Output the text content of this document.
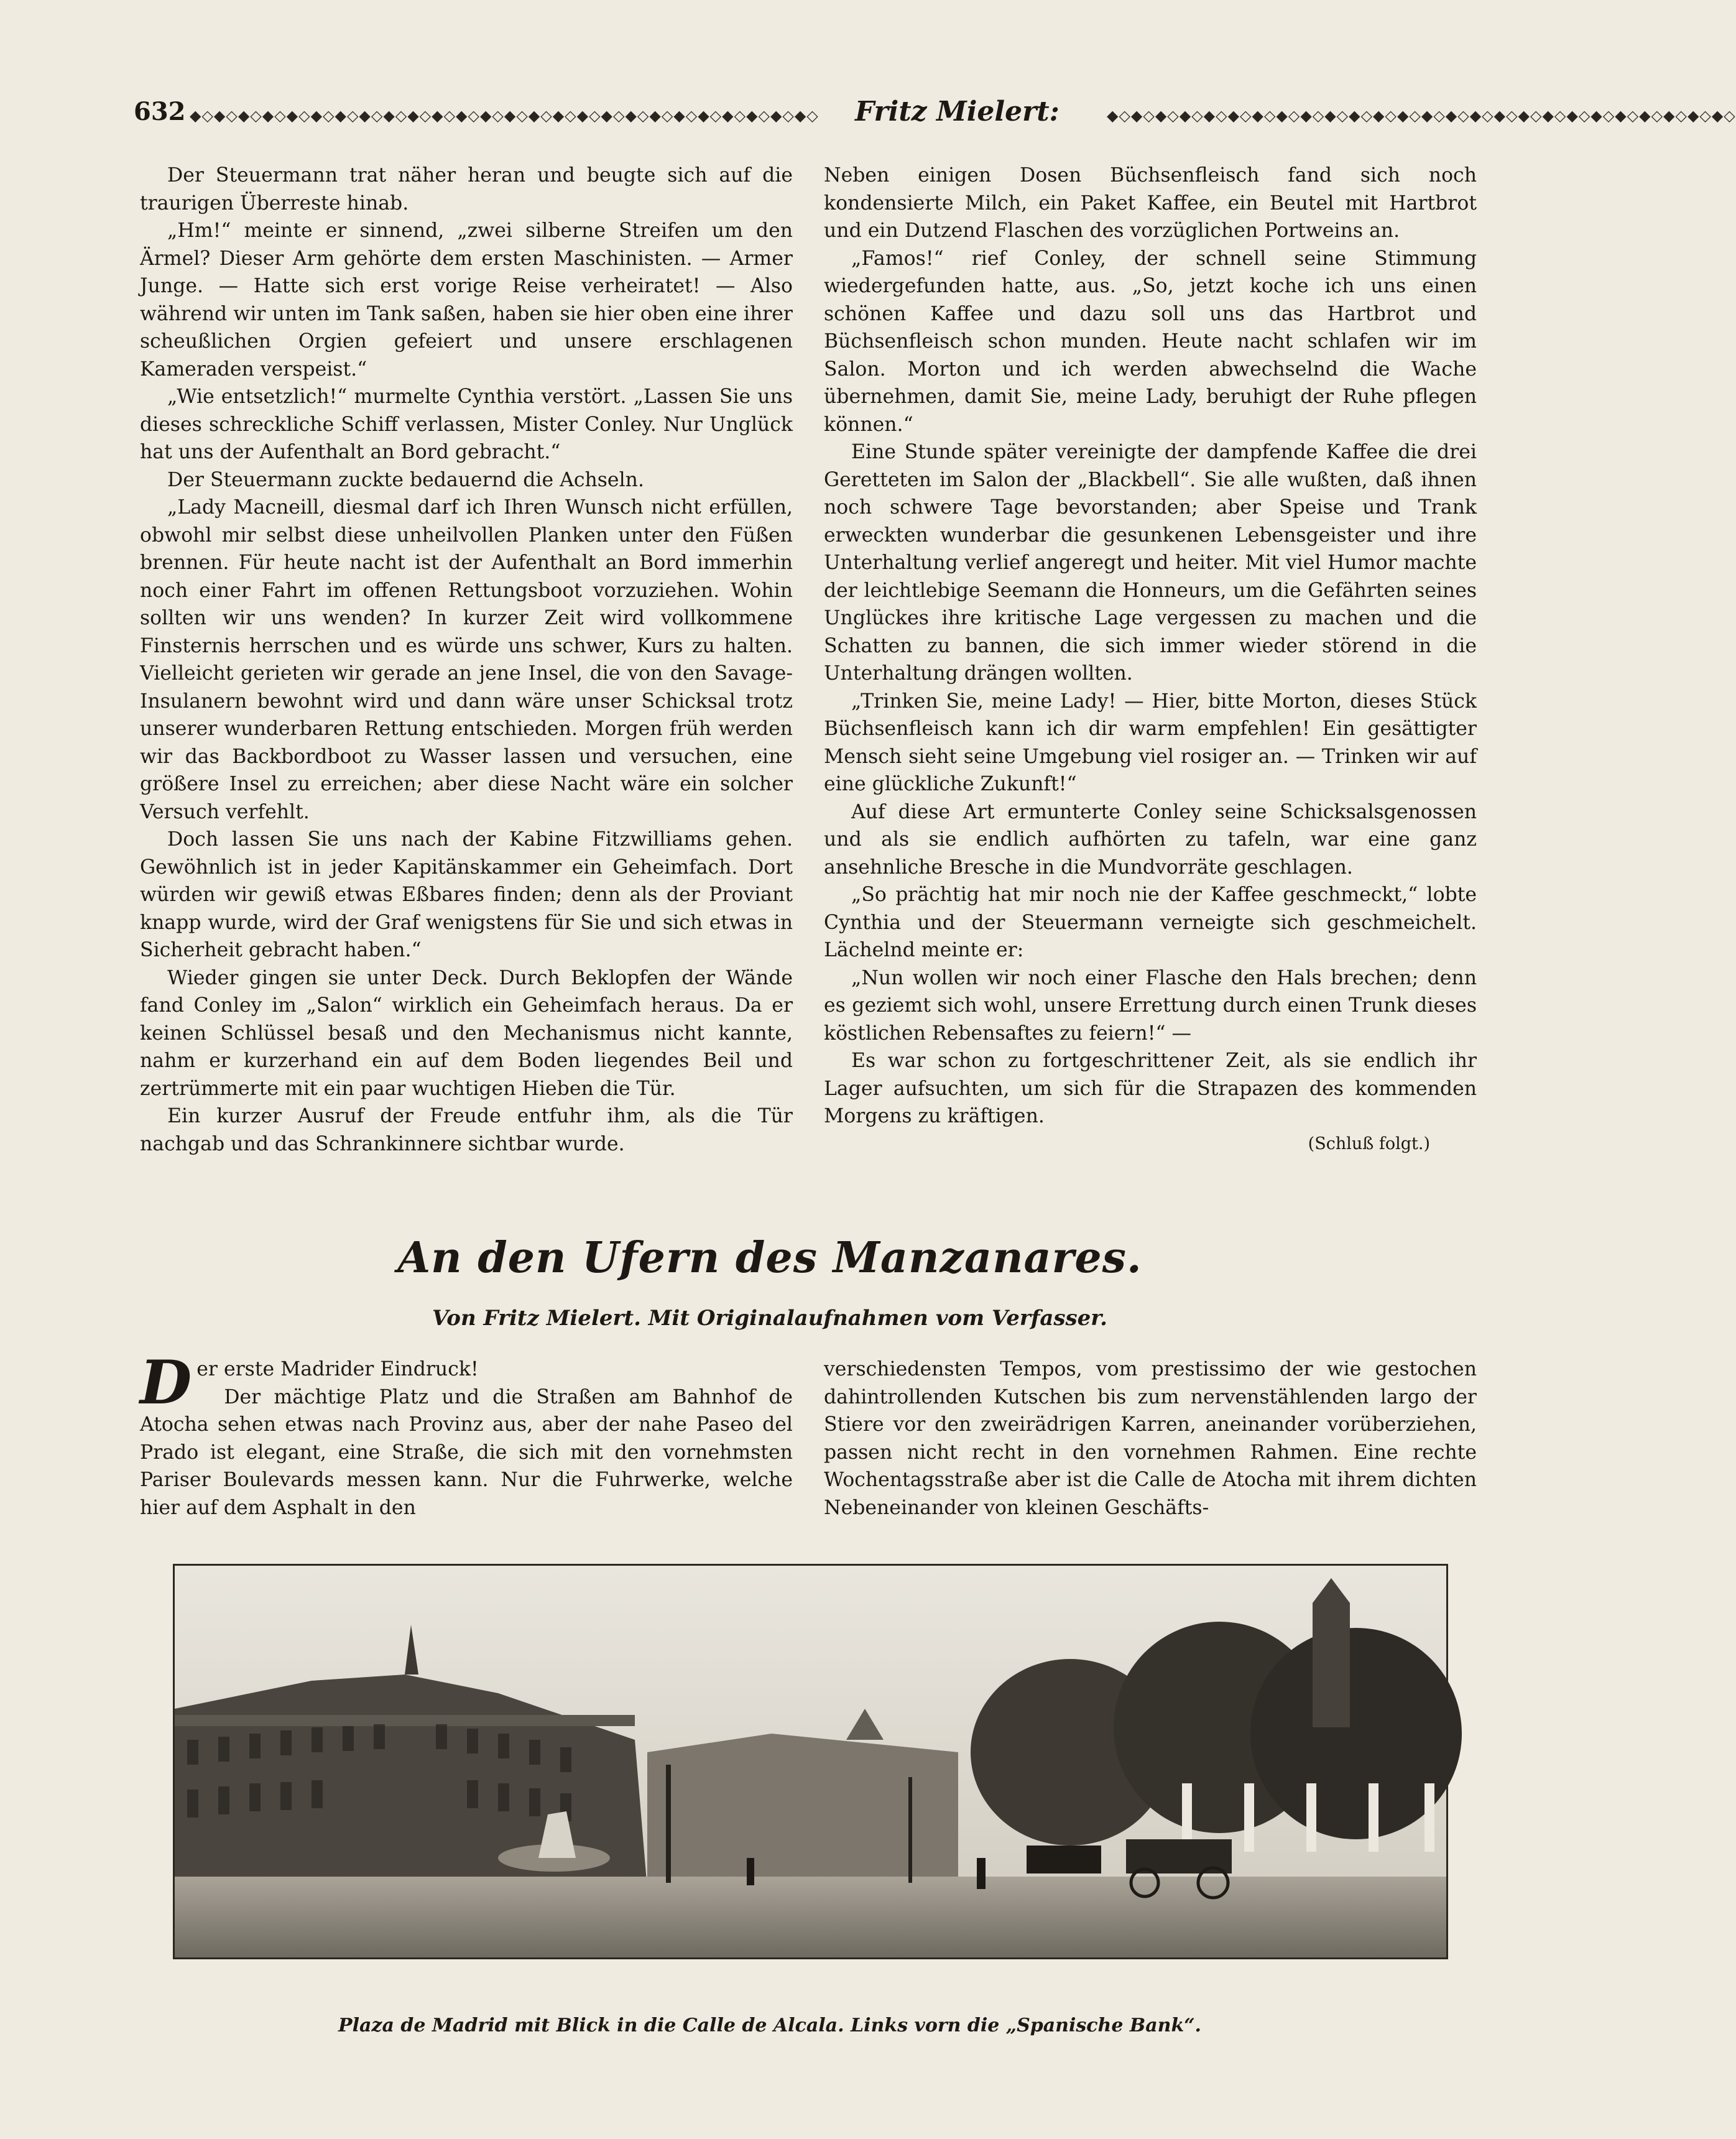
632 ◆◇◆◇◆◇◆◇◆◇◆◇◆◇◆◇◆◇◆◇◆◇◆◇◆◇◆◇◆◇◆◇◆◇◆◇◆◇◆◇◆◇◆◇◆◇◆◇◆◇◆◇	Fritz Mielert:	◆◇◆◇◆◇◆◇◆◇◆◇◆◇◆◇◆◇◆◇◆◇◆◇◆◇◆◇◆◇◆◇◆◇◆◇◆◇◆◇◆◇◆◇◆◇◆◇◆◇◆◇

Der Steuermann trat näher heran und beugte sich auf die traurigen Überreste hinab.

„Hm!“ meinte er sinnend, „zwei silberne Streifen um den Ärmel? Dieser Arm gehörte dem ersten Maschinisten. — Armer Junge. — Hatte sich erst vorige Reise verheiratet! — Also während wir unten im Tank saßen, haben sie hier oben eine ihrer scheußlichen Orgien gefeiert und unsere erschlagenen Kameraden verspeist.“

„Wie entsetzlich!“ murmelte Cynthia verstört. „Lassen Sie uns dieses schreckliche Schiff verlassen, Mister Conley. Nur Unglück hat uns der Aufenthalt an Bord gebracht.“

Der Steuermann zuckte bedauernd die Achseln.

„Lady Macneill, diesmal darf ich Ihren Wunsch nicht erfüllen, obwohl mir selbst diese unheilvollen Planken unter den Füßen brennen. Für heute nacht ist der Aufenthalt an Bord immerhin noch einer Fahrt im offenen Rettungsboot vorzuziehen. Wohin sollten wir uns wenden? In kurzer Zeit wird vollkommene Finsternis herrschen und es würde uns schwer, Kurs zu halten. Vielleicht gerieten wir gerade an jene Insel, die von den Savage-Insulanern bewohnt wird und dann wäre unser Schicksal trotz unserer wunderbaren Rettung entschieden. Morgen früh werden wir das Backbordboot zu Wasser lassen und versuchen, eine größere Insel zu erreichen; aber diese Nacht wäre ein solcher Versuch verfehlt.

Doch lassen Sie uns nach der Kabine Fitzwilliams gehen. Gewöhnlich ist in jeder Kapitänskammer ein Geheimfach. Dort würden wir gewiß etwas Eßbares finden; denn als der Proviant knapp wurde, wird der Graf wenigstens für Sie und sich etwas in Sicherheit gebracht haben.“

Wieder gingen sie unter Deck. Durch Beklopfen der Wände fand Conley im „Salon“ wirklich ein Geheimfach heraus. Da er keinen Schlüssel besaß und den Mechanismus nicht kannte, nahm er kurzerhand ein auf dem Boden liegendes Beil und zertrümmerte mit ein paar wuchtigen Hieben die Tür.

Ein kurzer Ausruf der Freude entfuhr ihm, als die Tür nachgab und das Schrankinnere sichtbar wurde.

Neben einigen Dosen Büchsenfleisch fand sich noch kondensierte Milch, ein Paket Kaffee, ein Beutel mit Hartbrot und ein Dutzend Flaschen des vorzüglichen Portweins an.

„Famos!“ rief Conley, der schnell seine Stimmung wiedergefunden hatte, aus. „So, jetzt koche ich uns einen schönen Kaffee und dazu soll uns das Hartbrot und Büchsenfleisch schon munden. Heute nacht schlafen wir im Salon. Morton und ich werden abwechselnd die Wache übernehmen, damit Sie, meine Lady, beruhigt der Ruhe pflegen können.“

Eine Stunde später vereinigte der dampfende Kaffee die drei Geretteten im Salon der „Blackbell“. Sie alle wußten, daß ihnen noch schwere Tage bevorstanden; aber Speise und Trank erweckten wunderbar die gesunkenen Lebensgeister und ihre Unterhaltung verlief angeregt und heiter. Mit viel Humor machte der leichtlebige Seemann die Honneurs, um die Gefährten seines Unglückes ihre kritische Lage vergessen zu machen und die Schatten zu bannen, die sich immer wieder störend in die Unterhaltung drängen wollten.

„Trinken Sie, meine Lady! — Hier, bitte Morton, dieses Stück Büchsenfleisch kann ich dir warm empfehlen! Ein gesättigter Mensch sieht seine Umgebung viel rosiger an. — Trinken wir auf eine glückliche Zukunft!“

Auf diese Art ermunterte Conley seine Schicksalsgenossen und als sie endlich aufhörten zu tafeln, war eine ganz ansehnliche Bresche in die Mundvorräte geschlagen.

„So prächtig hat mir noch nie der Kaffee geschmeckt,“ lobte Cynthia und der Steuermann verneigte sich geschmeichelt. Lächelnd meinte er:

„Nun wollen wir noch einer Flasche den Hals brechen; denn es geziemt sich wohl, unsere Errettung durch einen Trunk dieses köstlichen Rebensaftes zu feiern!“ —

Es war schon zu fortgeschrittener Zeit, als sie endlich ihr Lager aufsuchten, um sich für die Strapazen des kommenden Morgens zu kräftigen.

(Schluß folgt.)

An den Ufern des Manzanares.
Von Fritz Mielert. Mit Originalaufnahmen vom Verfasser.

Der erste Madrider Eindruck!

Der mächtige Platz und die Straßen am Bahnhof de Atocha sehen etwas nach Provinz aus, aber der nahe Paseo del Prado ist elegant, eine Straße, die sich mit den vornehmsten Pariser Boulevards messen kann. Nur die Fuhrwerke, welche hier auf dem Asphalt in den

verschiedensten Tempos, vom prestissimo der wie gestochen dahintrollenden Kutschen bis zum nervenstählenden largo der Stiere vor den zweirädrigen Karren, aneinander vorüberziehen, passen nicht recht in den vornehmen Rahmen. Eine rechte Wochentagsstraße aber ist die Calle de Atocha mit ihrem dichten Nebeneinander von kleinen Geschäfts-

Plaza de Madrid mit Blick in die Calle de Alcala. Links vorn die „Spanische Bank“.
